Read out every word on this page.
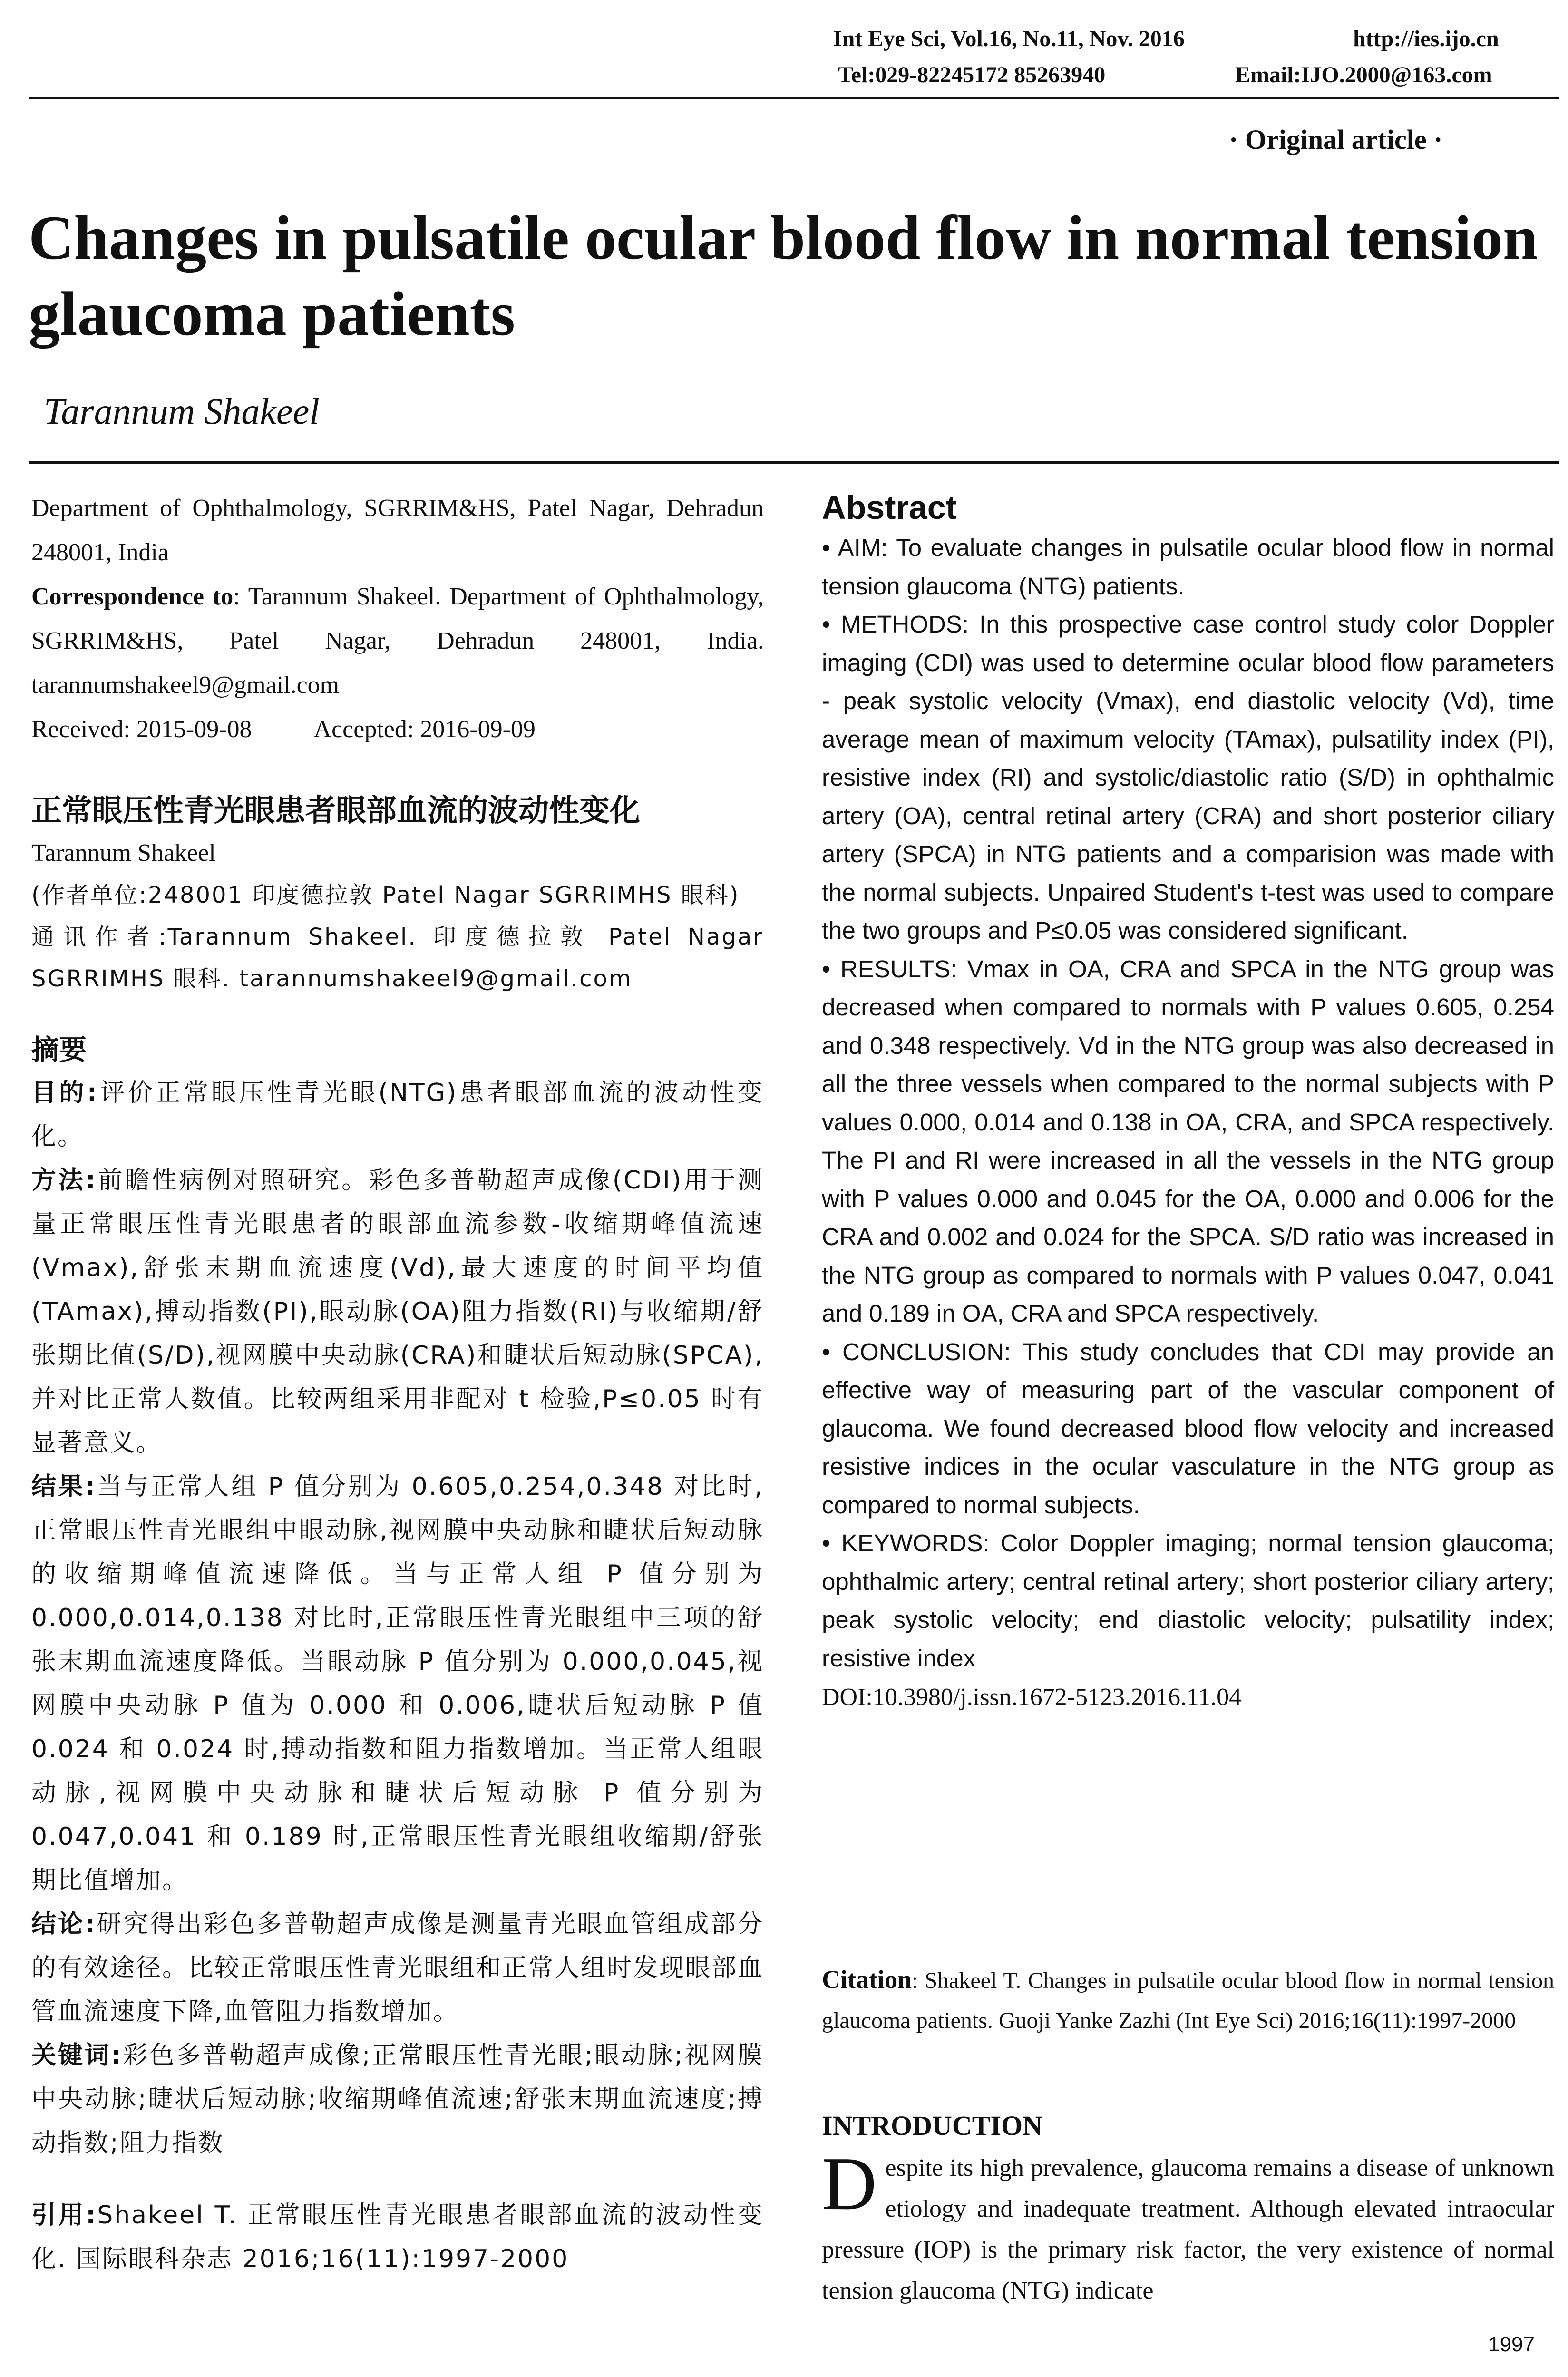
Int Eye Sci, Vol.16, No.11, Nov. 2016	http://ies.ijo.cn
Tel:029-82245172 85263940	Email:IJO.2000@163.com
· Original article ·
Changes in pulsatile ocular blood flow in normal tension glaucoma patients
Tarannum Shakeel

Department of Ophthalmology, SGRRIM&HS, Patel Nagar, Dehradun 248001, India

Correspondence to: Tarannum Shakeel. Department of Ophthalmology, SGRRIM&HS, Patel Nagar, Dehradun 248001, India. tarannumshakeel9@gmail.com

Received: 2015-09-08	Accepted: 2016-09-09

正常眼压性青光眼患者眼部血流的波动性变化

Tarannum Shakeel

(作者单位:248001 印度德拉敦 Patel Nagar SGRRIMHS 眼科)

通讯作者:Tarannum Shakeel. 印度德拉敦 Patel Nagar SGRRIMHS 眼科. tarannumshakeel9@gmail.com

摘要

目的:评价正常眼压性青光眼(NTG)患者眼部血流的波动性变化。

方法:前瞻性病例对照研究。彩色多普勒超声成像(CDI)用于测量正常眼压性青光眼患者的眼部血流参数-收缩期峰值流速(Vmax),舒张末期血流速度(Vd),最大速度的时间平均值(TAmax),搏动指数(PI),眼动脉(OA)阻力指数(RI)与收缩期/舒张期比值(S/D),视网膜中央动脉(CRA)和睫状后短动脉(SPCA),并对比正常人数值。比较两组采用非配对 t 检验,P≤0.05 时有显著意义。

结果:当与正常人组 P 值分别为 0.605,0.254,0.348 对比时,正常眼压性青光眼组中眼动脉,视网膜中央动脉和睫状后短动脉的收缩期峰值流速降低。当与正常人组 P 值分别为 0.000,0.014,0.138 对比时,正常眼压性青光眼组中三项的舒张末期血流速度降低。当眼动脉 P 值分别为 0.000,0.045,视网膜中央动脉 P 值为 0.000 和 0.006,睫状后短动脉 P 值 0.024 和 0.024 时,搏动指数和阻力指数增加。当正常人组眼动脉,视网膜中央动脉和睫状后短动脉 P 值分别为 0.047,0.041 和 0.189 时,正常眼压性青光眼组收缩期/舒张期比值增加。

结论:研究得出彩色多普勒超声成像是测量青光眼血管组成部分的有效途径。比较正常眼压性青光眼组和正常人组时发现眼部血管血流速度下降,血管阻力指数增加。

关键词:彩色多普勒超声成像;正常眼压性青光眼;眼动脉;视网膜中央动脉;睫状后短动脉;收缩期峰值流速;舒张末期血流速度;搏动指数;阻力指数

引用:Shakeel T. 正常眼压性青光眼患者眼部血流的波动性变化. 国际眼科杂志 2016;16(11):1997-2000

Abstract

• AIM: To evaluate changes in pulsatile ocular blood flow in normal tension glaucoma (NTG) patients.

• METHODS: In this prospective case control study color Doppler imaging (CDI) was used to determine ocular blood flow parameters - peak systolic velocity (Vmax), end diastolic velocity (Vd), time average mean of maximum velocity (TAmax), pulsatility index (PI), resistive index (RI) and systolic/diastolic ratio (S/D) in ophthalmic artery (OA), central retinal artery (CRA) and short posterior ciliary artery (SPCA) in NTG patients and a comparision was made with the normal subjects. Unpaired Student's t-test was used to compare the two groups and P≤0.05 was considered significant.

• RESULTS: Vmax in OA, CRA and SPCA in the NTG group was decreased when compared to normals with P values 0.605, 0.254 and 0.348 respectively. Vd in the NTG group was also decreased in all the three vessels when compared to the normal subjects with P values 0.000, 0.014 and 0.138 in OA, CRA, and SPCA respectively. The PI and RI were increased in all the vessels in the NTG group with P values 0.000 and 0.045 for the OA, 0.000 and 0.006 for the CRA and 0.002 and 0.024 for the SPCA. S/D ratio was increased in the NTG group as compared to normals with P values 0.047, 0.041 and 0.189 in OA, CRA and SPCA respectively.

• CONCLUSION: This study concludes that CDI may provide an effective way of measuring part of the vascular component of glaucoma. We found decreased blood flow velocity and increased resistive indices in the ocular vasculature in the NTG group as compared to normal subjects.

• KEYWORDS: Color Doppler imaging; normal tension glaucoma; ophthalmic artery; central retinal artery; short posterior ciliary artery; peak systolic velocity; end diastolic velocity; pulsatility index; resistive index

DOI:10.3980/j.issn.1672-5123.2016.11.04

Citation: Shakeel T. Changes in pulsatile ocular blood flow in normal tension glaucoma patients. Guoji Yanke Zazhi (Int Eye Sci) 2016;16(11):1997-2000

INTRODUCTION

Despite its high prevalence, glaucoma remains a disease of unknown etiology and inadequate treatment. Although elevated intraocular pressure (IOP) is the primary risk factor, the very existence of normal tension glaucoma (NTG) indicate

1997
